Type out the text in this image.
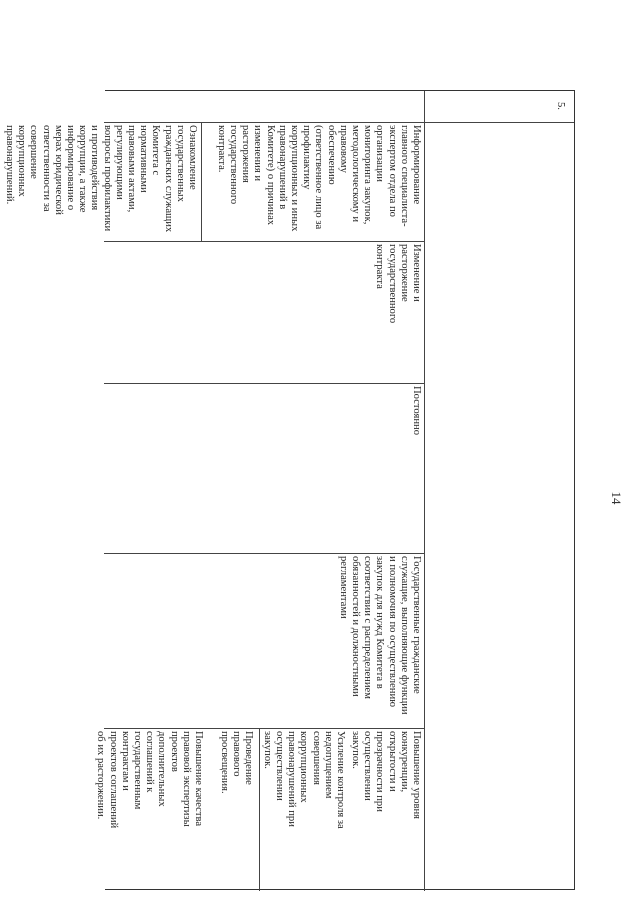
14
5.
Информирование
главного специалиста-
экспертом отдела по
организации
мониторинга закупок,
методологическому и
правовому
обеспечению
(ответственное лицо за
профилактику
коррупционных и иных
правонарушений в
Комитете) о причинах
изменения и
расторжения
государственного
контракта.
Ознакомление
государственных
гражданских служащих
Комитета с
нормативными
правовыми актами,
регулирующими
вопросы профилактики
и противодействия
коррупции, а также
информирование о
мерах юридической
ответственности за
совершение
коррупционных
правонарушений.
Изменение и
расторжение
государственного
контракта
Постоянно
Государственные гражданские
служащие, выполняющие функции
и полномочия по осуществлению
закупок для нужд Комитета в
соответствии с распределением
обязанностей и должностными
регламентами
Повышение уровня
конкуренции,
открытости и
прозрачности при
осуществлении
закупок.
Усиление контроля за
недопущением
совершения
коррупционных
правонарушений при
осуществлении
закупок.
Проведение
правового
просвещения.
Повышение качества
правовой экспертизы
проектов
дополнительных
соглашений к
государственным
контрактам и
проектов соглашений
об их расторжении.
